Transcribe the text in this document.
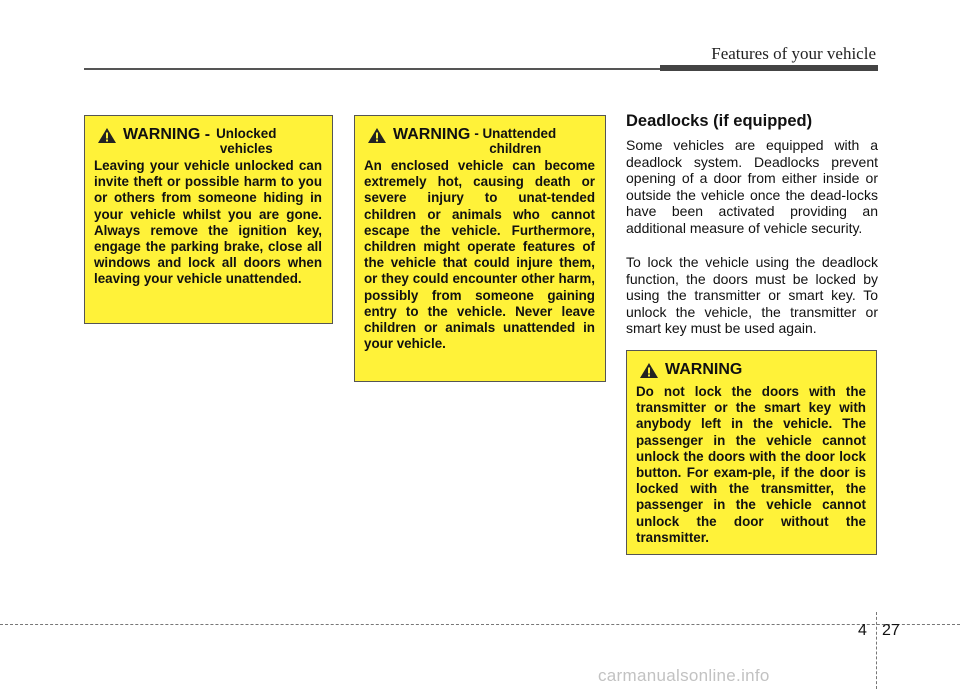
Features of your vehicle
WARNING - Unlocked
vehicles
Leaving your vehicle unlocked can invite theft or possible harm to you or others from someone hiding in your vehicle whilst you are gone. Always remove the ignition key, engage the parking brake, close all windows and lock all doors when leaving your vehicle unattended.
WARNING - Unattended
children
An enclosed vehicle can become extremely hot, causing death or severe injury to unat-tended children or animals who cannot escape the vehicle. Furthermore, children might operate features of the vehicle that could injure them, or they could encounter other harm, possibly from someone gaining entry to the vehicle. Never leave children or animals unattended in your vehicle.
Deadlocks (if equipped)
Some vehicles are equipped with a deadlock system. Deadlocks prevent opening of a door from either inside or outside the vehicle once the dead-locks have been activated providing an additional measure of vehicle security.
To lock the vehicle using the deadlock function, the doors must be locked by using the transmitter or smart key. To unlock the vehicle, the transmitter or smart key must be used again.
WARNING
Do not lock the doors with the transmitter or the smart key with anybody left in the vehicle. The passenger in the vehicle cannot unlock the doors with the door lock button. For exam-ple, if the door is locked with the transmitter, the passenger in the vehicle cannot unlock the door without the transmitter.
4 27
carmanualsonline.info
